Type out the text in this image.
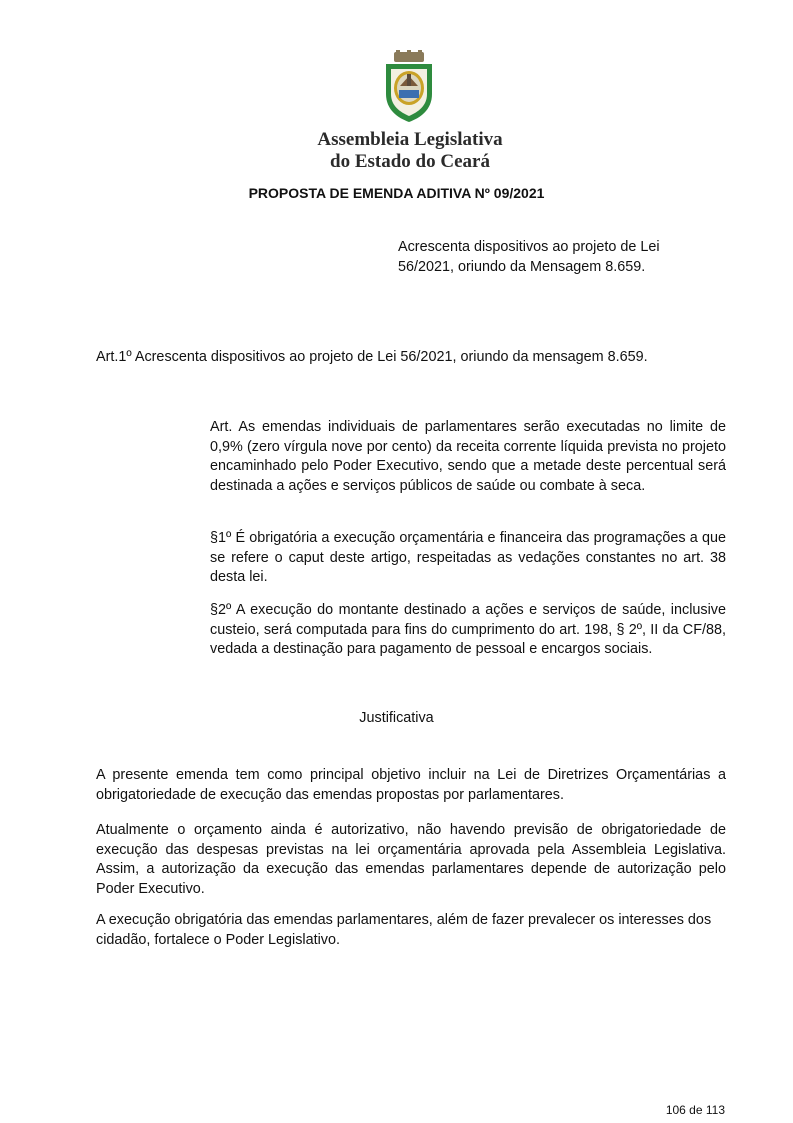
Assembleia Legislativa
do Estado do Ceará
PROPOSTA DE EMENDA ADITIVA Nº 09/2021
Acrescenta dispositivos ao projeto de Lei 56/2021, oriundo da Mensagem 8.659.
Art.1º Acrescenta dispositivos ao projeto de Lei 56/2021, oriundo da mensagem 8.659.
Art. As emendas individuais de parlamentares serão executadas no limite de 0,9% (zero vírgula nove por cento) da receita corrente líquida prevista no projeto encaminhado pelo Poder Executivo, sendo que a metade deste percentual será destinada a ações e serviços públicos de saúde ou combate à seca.
§1º É obrigatória a execução orçamentária e financeira das programações a que se refere o caput deste artigo, respeitadas as vedações constantes no art. 38 desta lei.
§2º A execução do montante destinado a ações e serviços de saúde, inclusive custeio, será computada para fins do cumprimento do art. 198, § 2º, II da CF/88, vedada a destinação para pagamento de pessoal e encargos sociais.
Justificativa
A presente emenda tem como principal objetivo incluir na Lei de Diretrizes Orçamentárias a obrigatoriedade de execução das emendas propostas por parlamentares.
Atualmente o orçamento ainda é autorizativo, não havendo previsão de obrigatoriedade de execução das despesas previstas na lei orçamentária aprovada pela Assembleia Legislativa. Assim, a autorização da execução das emendas parlamentares depende de autorização pelo Poder Executivo.
A execução obrigatória das emendas parlamentares, além de fazer prevalecer os interesses dos cidadão, fortalece o Poder Legislativo.
106 de 113
